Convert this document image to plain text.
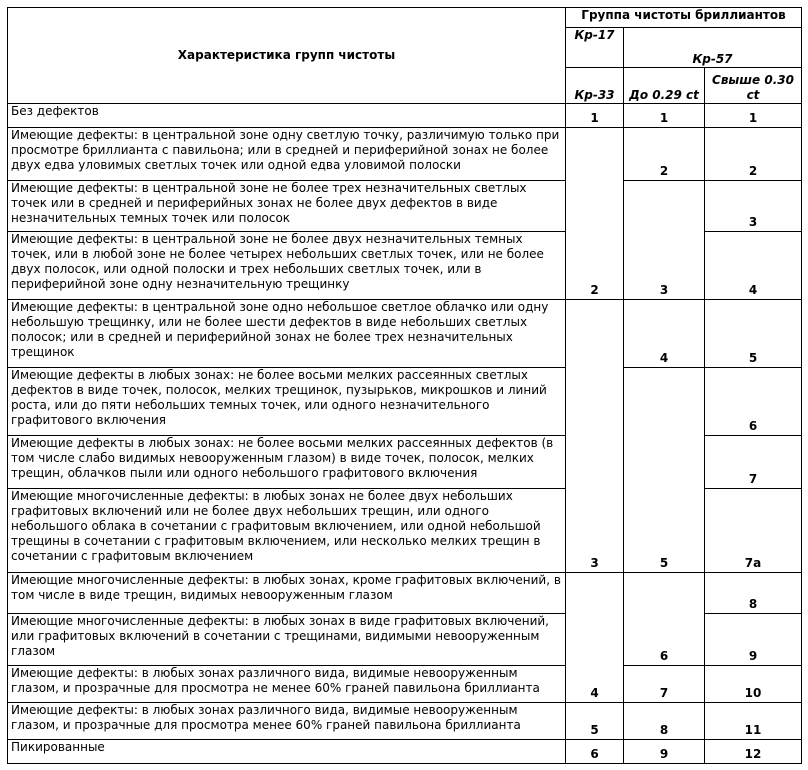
Характеристика групп чистоты	Группа чистоты бриллиантов		
	Кр-17	Кр-57	
	Кр-33	До 0.29 ct	Свыше 0.30 ct
Без дефектов	1	1	1
Имеющие дефекты: в центральной зоне одну светлую точку, различимую только при просмотре бриллианта с павильона; или в средней и периферийной зонах не более двух едва уловимых светлых точек или одной едва уловимой полоски	2	2	2
Имеющие дефекты: в центральной зоне не более трех незначительных светлых точек или в средней и периферийных зонах не более двух дефектов в виде незначительных темных точек или полосок		3	3
Имеющие дефекты: в центральной зоне не более двух незначительных темных точек, или в любой зоне не более четырех небольших светлых точек, или не более двух полосок, или одной полоски и трех небольших светлых точек, или в периферийной зоне одну незначительную трещинку			4
Имеющие дефекты: в центральной зоне одно небольшое светлое облачко или одну небольшую трещинку, или не более шести дефектов в виде небольших светлых полосок; или в средней и периферийной зонах не более трех незначительных трещинок	3	4	5
Имеющие дефекты в любых зонах: не более восьми мелких рассеянных светлых дефектов в виде точек, полосок, мелких трещинок, пузырьков, микрошков и линий роста, или до пяти небольших темных точек, или одного незначительного графитового включения		5	6
Имеющие дефекты в любых зонах: не более восьми мелких рассеянных дефектов (в том числе слабо видимых невооруженным глазом) в виде точек, полосок, мелких трещин, облачков пыли или одного небольшого графитового включения			7
Имеющие многочисленные дефекты: в любых зонах не более двух небольших графитовых включений или не более двух небольших трещин, или одного небольшого облака в сочетании с графитовым включением, или одной небольшой трещины в сочетании с графитовым включением, или несколько мелких трещин в сочетании с графитовым включением			7а
Имеющие многочисленные дефекты: в любых зонах, кроме графитовых включений, в том числе в виде трещин, видимых невооруженным глазом	4	6	8
Имеющие многочисленные дефекты: в любых зонах в виде графитовых включений, или графитовых включений в сочетании с трещинами, видимыми невооруженным глазом			9
Имеющие дефекты: в любых зонах различного вида, видимые невооруженным глазом, и прозрачные для просмотра не менее 60% граней павильона бриллианта		7	10
Имеющие дефекты: в любых зонах различного вида, видимые невооруженным глазом, и прозрачные для просмотра менее 60% граней павильона бриллианта	5	8	11
Пикированные	6	9	12
